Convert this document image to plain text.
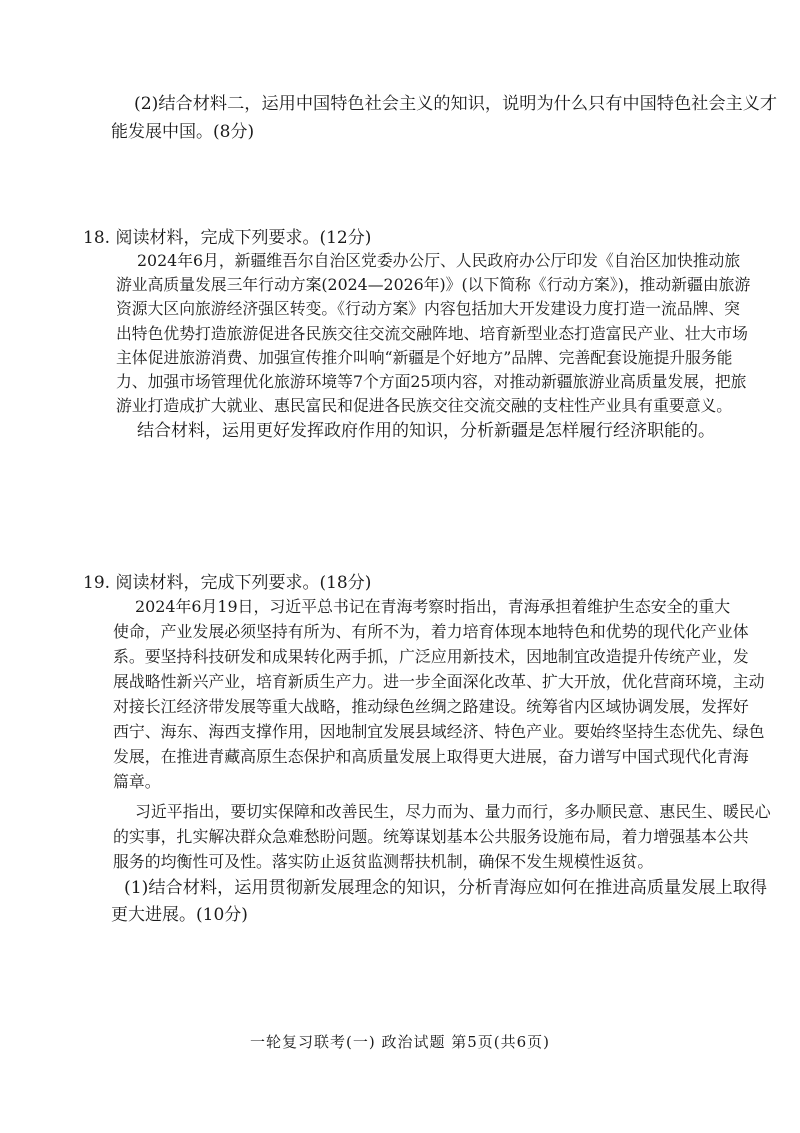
(2)结合材料二，运用中国特色社会主义的知识，说明为什么只有中国特色社会主义才
能发展中国。(8分)
18. 阅读材料，完成下列要求。(12分)
2024年6月，新疆维吾尔自治区党委办公厅、人民政府办公厅印发《自治区加快推动旅
游业高质量发展三年行动方案(2024—2026年)》(以下简称《行动方案》)，推动新疆由旅游
资源大区向旅游经济强区转变。《行动方案》内容包括加大开发建设力度打造一流品牌、突
出特色优势打造旅游促进各民族交往交流交融阵地、培育新型业态打造富民产业、壮大市场
主体促进旅游消费、加强宣传推介叫响“新疆是个好地方”品牌、完善配套设施提升服务能
力、加强市场管理优化旅游环境等7个方面25项内容，对推动新疆旅游业高质量发展，把旅
游业打造成扩大就业、惠民富民和促进各民族交往交流交融的支柱性产业具有重要意义。
结合材料，运用更好发挥政府作用的知识，分析新疆是怎样履行经济职能的。
19. 阅读材料，完成下列要求。(18分)
2024年6月19日，习近平总书记在青海考察时指出，青海承担着维护生态安全的重大
使命，产业发展必须坚持有所为、有所不为，着力培育体现本地特色和优势的现代化产业体
系。要坚持科技研发和成果转化两手抓，广泛应用新技术，因地制宜改造提升传统产业，发
展战略性新兴产业，培育新质生产力。进一步全面深化改革、扩大开放，优化营商环境，主动
对接长江经济带发展等重大战略，推动绿色丝绸之路建设。统筹省内区域协调发展，发挥好
西宁、海东、海西支撑作用，因地制宜发展县域经济、特色产业。要始终坚持生态优先、绿色
发展，在推进青藏高原生态保护和高质量发展上取得更大进展，奋力谱写中国式现代化青海
篇章。
习近平指出，要切实保障和改善民生，尽力而为、量力而行，多办顺民意、惠民生、暖民心
的实事，扎实解决群众急难愁盼问题。统筹谋划基本公共服务设施布局，着力增强基本公共
服务的均衡性可及性。落实防止返贫监测帮扶机制，确保不发生规模性返贫。
(1)结合材料，运用贯彻新发展理念的知识，分析青海应如何在推进高质量发展上取得
更大进展。(10分)
一轮复习联考(一) 政治试题 第5页(共6页)
